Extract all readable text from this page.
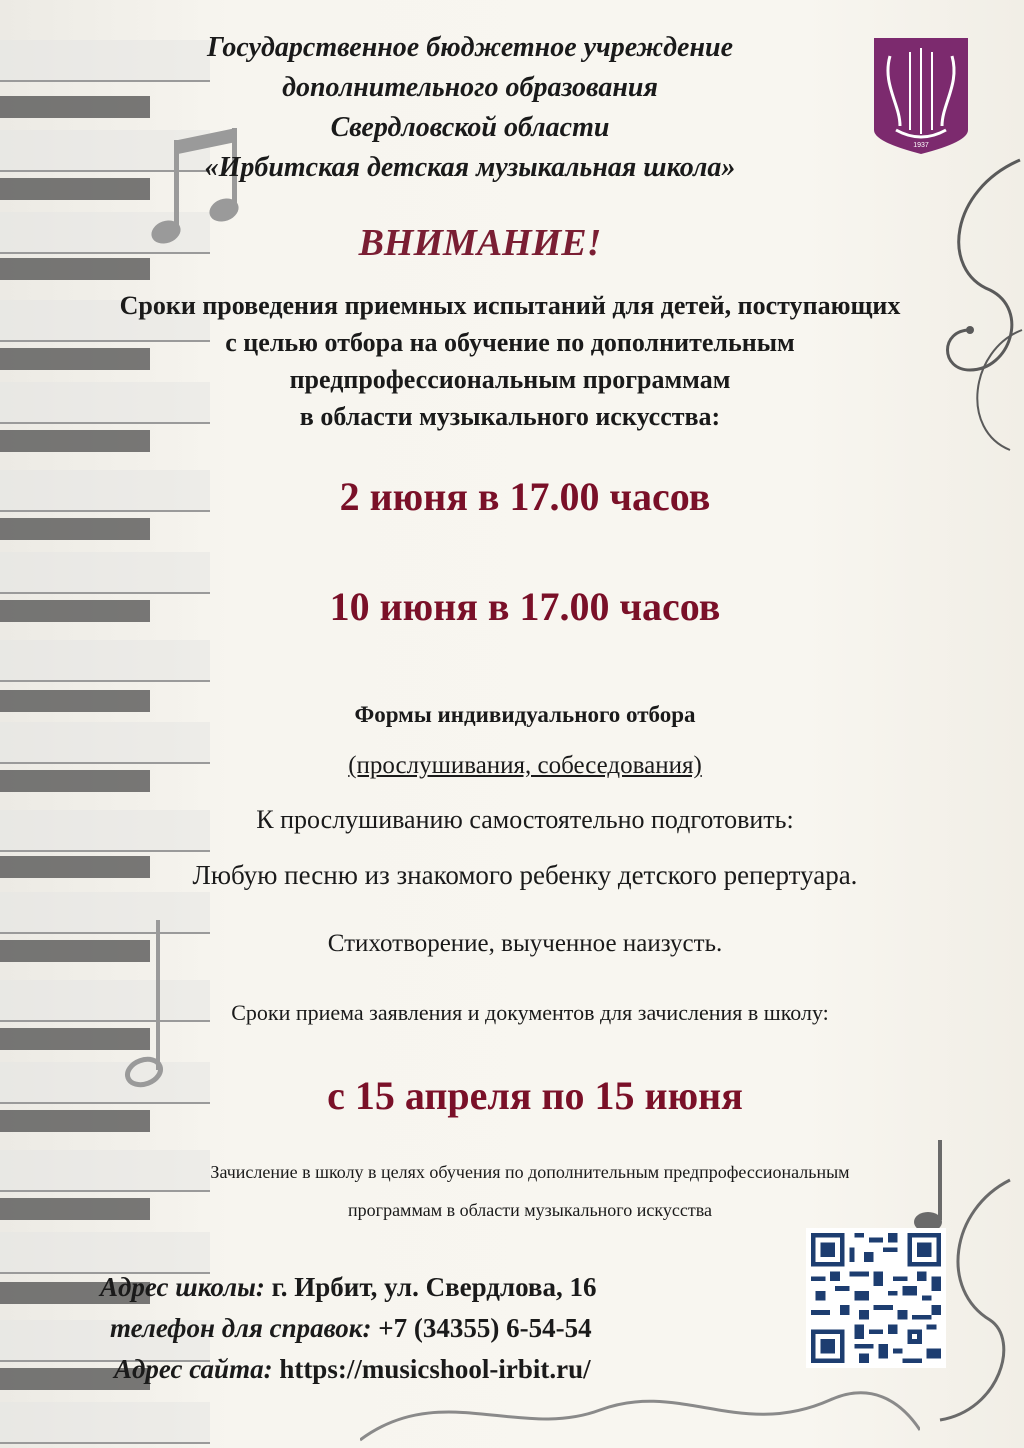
Государственное бюджетное учреждение
дополнительного образования
Свердловской области
«Ирбитская детская музыкальная школа»
1937
ВНИМАНИЕ!
Сроки проведения приемных испытаний для детей, поступающих
с целью отбора на обучение по дополнительным
предпрофессиональным программам
в области музыкального искусства:
2 июня в 17.00 часов
10 июня в 17.00 часов
Формы индивидуального отбора
(прослушивания, собеседования)
К прослушиванию самостоятельно подготовить:
Любую песню из знакомого ребенку детского репертуара.
Стихотворение, выученное наизусть.
Сроки приема заявления и документов для зачисления в школу:
с 15 апреля по 15 июня
Зачисление в школу в целях обучения по дополнительным предпрофессиональным
программам в области музыкального искусства
Адрес школы: г. Ирбит, ул. Свердлова, 16
телефон для справок: +7 (34355) 6-54-54
Адрес сайта: https://musicshool-irbit.ru/
